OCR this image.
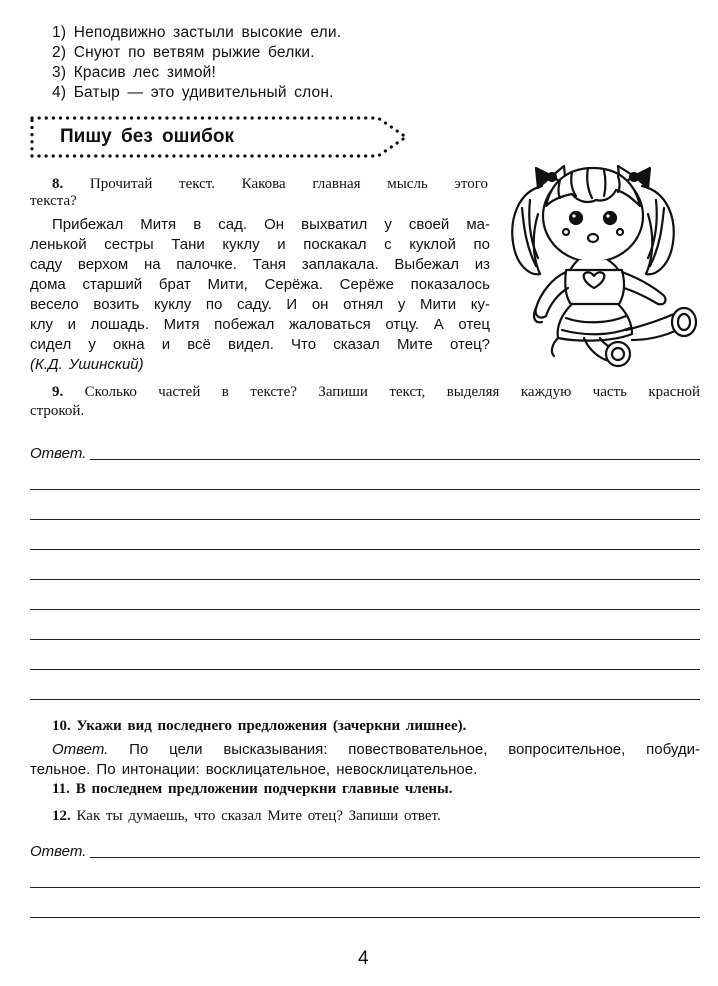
1) Неподвижно застыли высокие ели.
2) Снуют по ветвям рыжие белки.
3) Красив лес зимой!
4) Батыр — это удивительный слон.
Пишу без ошибок
8. Прочитай текст. Какова главная мысль этого
текста?
Прибежал Митя в сад. Он выхватил у своей ма-
ленькой сестры Тани куклу и поскакал с куклой по
саду верхом на палочке. Таня заплакала. Выбежал из
дома старший брат Мити, Серёжа. Серёже показалось
весело возить куклу по саду. И он отнял у Мити ку-
клу и лошадь. Митя побежал жаловаться отцу. А отец
сидел у окна и всё видел. Что сказал Мите отец?
(К.Д. Ушинский)
9. Сколько частей в тексте? Запиши текст, выделяя каждую часть красной
строкой.
Ответ.
10. Укажи вид последнего предложения (зачеркни лишнее).
Ответ. По цели высказывания: повествовательное, вопросительное, побуди-
тельное. По интонации: восклицательное, невосклицательное.
11. В последнем предложении подчеркни главные члены.
12. Как ты думаешь, что сказал Мите отец? Запиши ответ.
Ответ.
4
